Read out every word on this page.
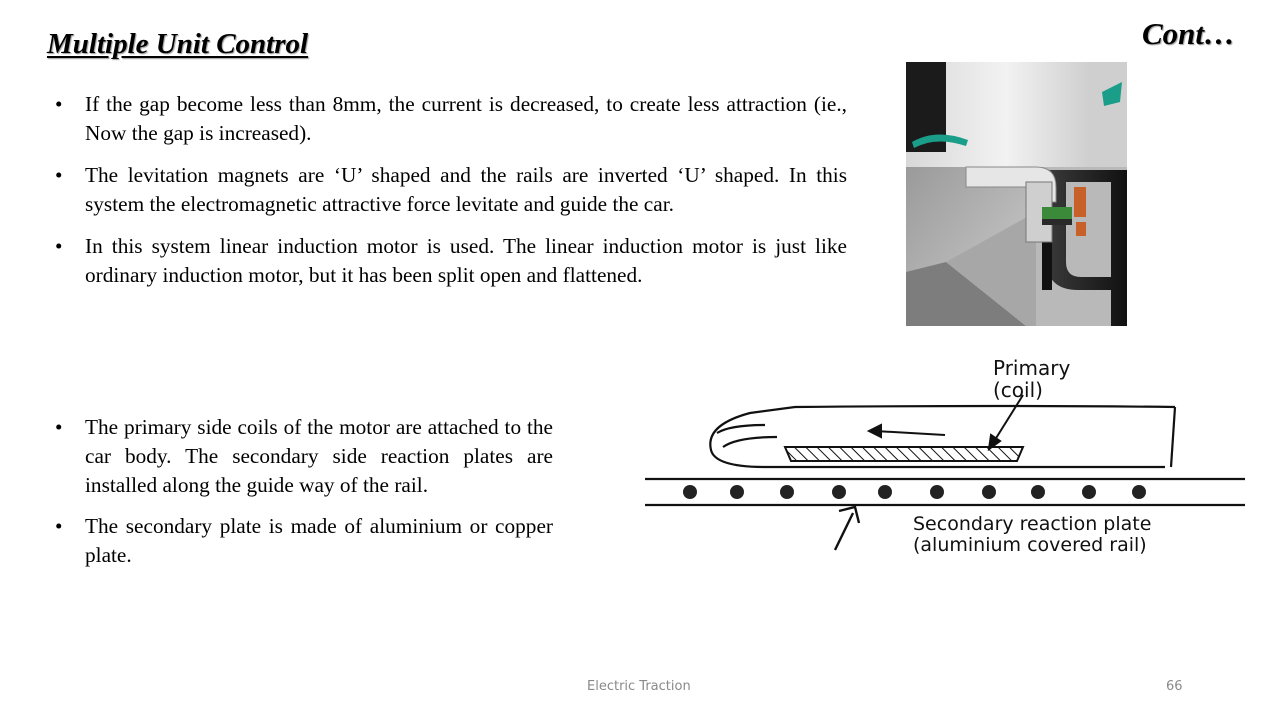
Multiple Unit Control	Cont…
• If the gap become less than 8mm, the current is decreased, to create less attraction (ie., Now the gap is increased).
• The levitation magnets are ‘U’ shaped and the rails are inverted ‘U’ shaped. In this system the electromagnetic attractive force levitate and guide the car.
• In this system linear induction motor is used. The linear induction motor is just like ordinary induction motor, but it has been split open and flattened.
• The primary side coils of the motor are attached to the car body. The secondary side reaction plates are installed along the guide way of the rail.
• The secondary plate is made of aluminium or copper plate.
Primary
(coil)
Secondary reaction plate
(aluminium covered rail)
Electric Traction	66
